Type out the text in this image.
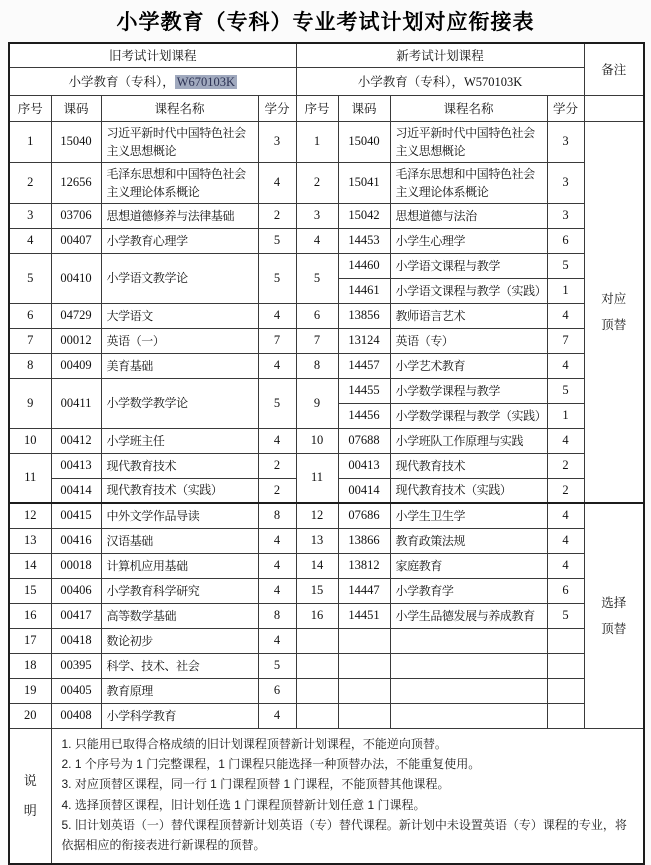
小学教育（专科）专业考试计划对应衔接表
旧考试计划课程				新考试计划课程				备注
小学教育（专科）， W670103K				小学教育（专科），W570103K				
序号	课码	课程名称	学分	序号	课码	课程名称	学分	
1	15040	习近平新时代中国特色社会主义思想概论	3	1	15040	习近平新时代中国特色社会主义思想概论	3	对应顶替
2	12656	毛泽东思想和中国特色社会主义理论体系概论	4	2	15041	毛泽东思想和中国特色社会主义理论体系概论	3	
3	03706	思想道德修养与法律基础	2	3	15042	思想道德与法治	3	
4	00407	小学教育心理学	5	4	14453	小学生心理学	6	
5	00410	小学语文教学论	5	5	14460	小学语文课程与教学	5	
					14461	小学语文课程与教学（实践）	1	
6	04729	大学语文	4	6	13856	教师语言艺术	4	
7	00012	英语（一）	7	7	13124	英语（专）	7	
8	00409	美育基础	4	8	14457	小学艺术教育	4	
9	00411	小学数学教学论	5	9	14455	小学数学课程与教学	5	
					14456	小学数学课程与教学（实践）	1	
10	00412	小学班主任	4	10	07688	小学班队工作原理与实践	4	
11	00413	现代教育技术	2	11	00413	现代教育技术	2	
	00414	现代教育技术（实践）	2		00414	现代教育技术（实践）	2	
12	00415	中外文学作品导读	8	12	07686	小学生卫生学	4	选择顶替
13	00416	汉语基础	4	13	13866	教育政策法规	4	
14	00018	计算机应用基础	4	14	13812	家庭教育	4	
15	00406	小学教育科学研究	4	15	14447	小学教育学	6	
16	00417	高等数学基础	8	16	14451	小学生品德发展与养成教育	5	
17	00418	数论初步	4					
18	00395	科学、技术、社会	5					
19	00405	教育原理	6					
20	00408	小学科学教育	4					
说明	1. 只能用已取得合格成绩的旧计划课程顶替新计划课程，不能逆向顶替。
2. 1 个序号为 1 门完整课程，1 门课程只能选择一种顶替办法，不能重复使用。
3. 对应顶替区课程，同一行 1 门课程顶替 1 门课程，不能顶替其他课程。
4. 选择顶替区课程，旧计划任选 1 门课程顶替新计划任意 1 门课程。
5. 旧计划英语（一）替代课程顶替新计划英语（专）替代课程。新计划中未设置英语（专）课程的专业，将依据相应的衔接表进行新课程的顶替。							
